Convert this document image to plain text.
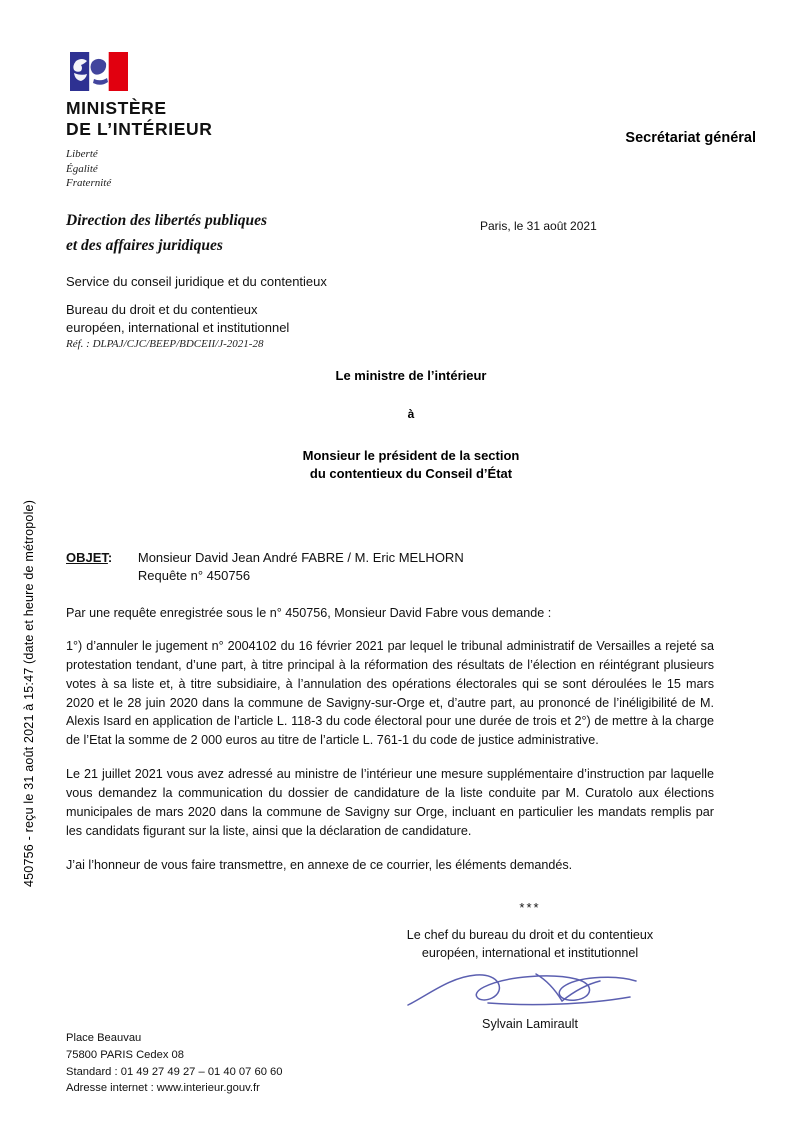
450756 - reçu le 31 août 2021 à 15:47 (date et heure de métropole)
MINISTÈRE
DE L’INTÉRIEUR
Liberté
Égalité
Fraternité
Secrétariat général
Direction des libertés publiques
et des affaires juridiques
Service du conseil juridique et du contentieux
Bureau du droit et du contentieux
européen, international et institutionnel
Réf. : DLPAJ/CJC/BEEP/BDCEII/J-2021-28
Paris, le 31 août 2021
Le ministre de l’intérieur
à
Monsieur le président de la section
du contentieux du Conseil d’État
OBJET: Monsieur David Jean André FABRE / M. Eric MELHORN
Requête n° 450756

Par une requête enregistrée sous le n° 450756, Monsieur David Fabre vous demande :

1°) d’annuler le jugement n° 2004102 du 16 février 2021 par lequel le tribunal administratif de Versailles a rejeté sa protestation tendant, d’une part, à titre principal à la réformation des résultats de l’élection en réintégrant plusieurs votes à sa liste et, à titre subsidiaire, à l’annulation des opérations électorales qui se sont déroulées le 15 mars 2020 et le 28 juin 2020 dans la commune de Savigny-sur-Orge et, d’autre part, au prononcé de l’inéligibilité de M. Alexis Isard en application de l’article L. 118-3 du code électoral pour une durée de trois et 2°) de mettre à la charge de l’Etat la somme de 2 000 euros au titre de l’article L. 761-1 du code de justice administrative.

Le 21 juillet 2021 vous avez adressé au ministre de l’intérieur une mesure supplémentaire d’instruction par laquelle vous demandez la communication du dossier de candidature de la liste conduite par M. Curatolo aux élections municipales de mars 2020 dans la commune de Savigny sur Orge, incluant en particulier les mandats remplis par les candidats figurant sur la liste, ainsi que la déclaration de candidature.

J’ai l’honneur de vous faire transmettre, en annexe de ce courrier, les éléments demandés.

***
Le chef du bureau du droit et du contentieux
européen, international et institutionnel
Sylvain Lamirault
Place Beauvau
75800 PARIS Cedex 08
Standard : 01 49 27 49 27 – 01 40 07 60 60
Adresse internet : www.interieur.gouv.fr
